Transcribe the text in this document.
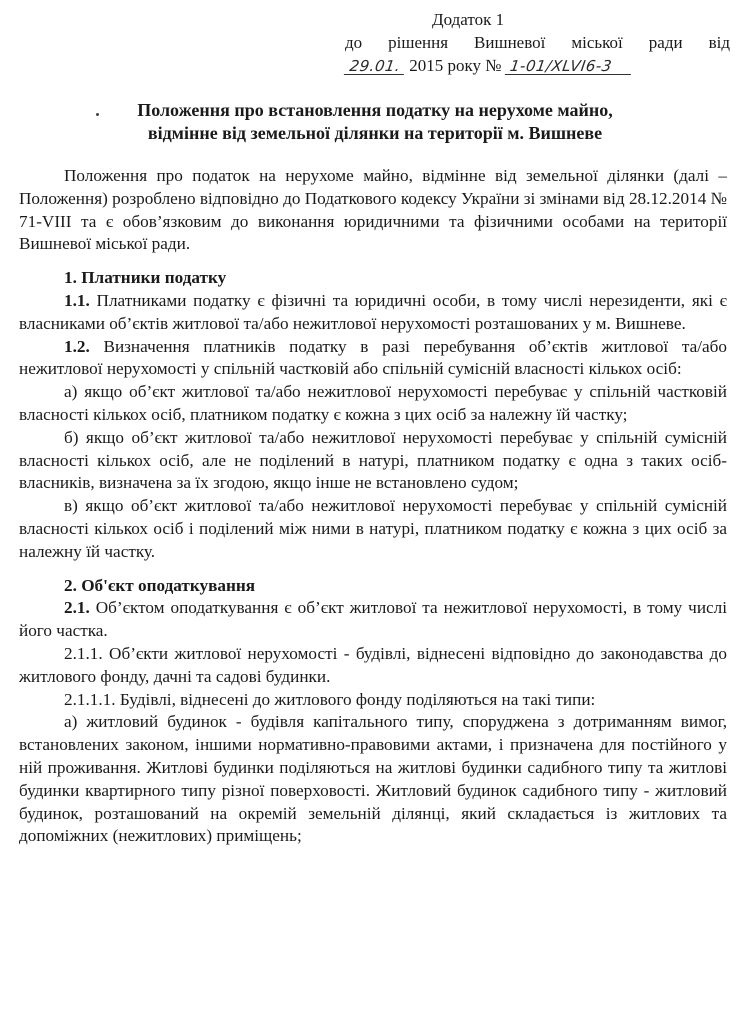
Додаток 1
до рішення Вишневої міської ради від
29.01. 2015 року № 1-01/XLVI6-3
Положення про встановлення податку на нерухоме майно,
відмінне від земельної ділянки на території м. Вишневе

Положення про податок на нерухоме майно, відмінне від земельної ділянки (далі – Положення) розроблено відповідно до Податкового кодексу України зі змінами від 28.12.2014 № 71-VIII та є обов’язковим до виконання юридичними та фізичними особами на території Вишневої міської ради.

1. Платники податку

1.1. Платниками податку є фізичні та юридичні особи, в тому числі нерезиденти, які є власниками об’єктів житлової та/або нежитлової нерухомості розташованих у м. Вишневе.

1.2. Визначення платників податку в разі перебування об’єктів житлової та/або нежитлової нерухомості у спільній частковій або спільній сумісній власності кількох осіб:

а) якщо об’єкт житлової та/або нежитлової нерухомості перебуває у спільній частковій власності кількох осіб, платником податку є кожна з цих осіб за належну їй частку;

б) якщо об’єкт житлової та/або нежитлової нерухомості перебуває у спільній сумісній власності кількох осіб, але не поділений в натурі, платником податку є одна з таких осіб-власників, визначена за їх згодою, якщо інше не встановлено судом;

в) якщо об’єкт житлової та/або нежитлової нерухомості перебуває у спільній сумісній власності кількох осіб і поділений між ними в натурі, платником податку є кожна з цих осіб за належну їй частку.

2. Об'єкт оподаткування

2.1. Об’єктом оподаткування є об’єкт житлової та нежитлової нерухомості, в тому числі його частка.

2.1.1. Об’єкти житлової нерухомості - будівлі, віднесені відповідно до законодавства до житлового фонду, дачні та садові будинки.

2.1.1.1. Будівлі, віднесені до житлового фонду поділяються на такі типи:

а) житловий будинок - будівля капітального типу, споруджена з дотриманням вимог, встановлених законом, іншими нормативно-правовими актами, і призначена для постійного у ній проживання. Житлові будинки поділяються на житлові будинки садибного типу та житлові будинки квартирного типу різної поверховості. Житловий будинок садибного типу - житловий будинок, розташований на окремій земельній ділянці, який складається із житлових та допоміжних (нежитлових) приміщень;
